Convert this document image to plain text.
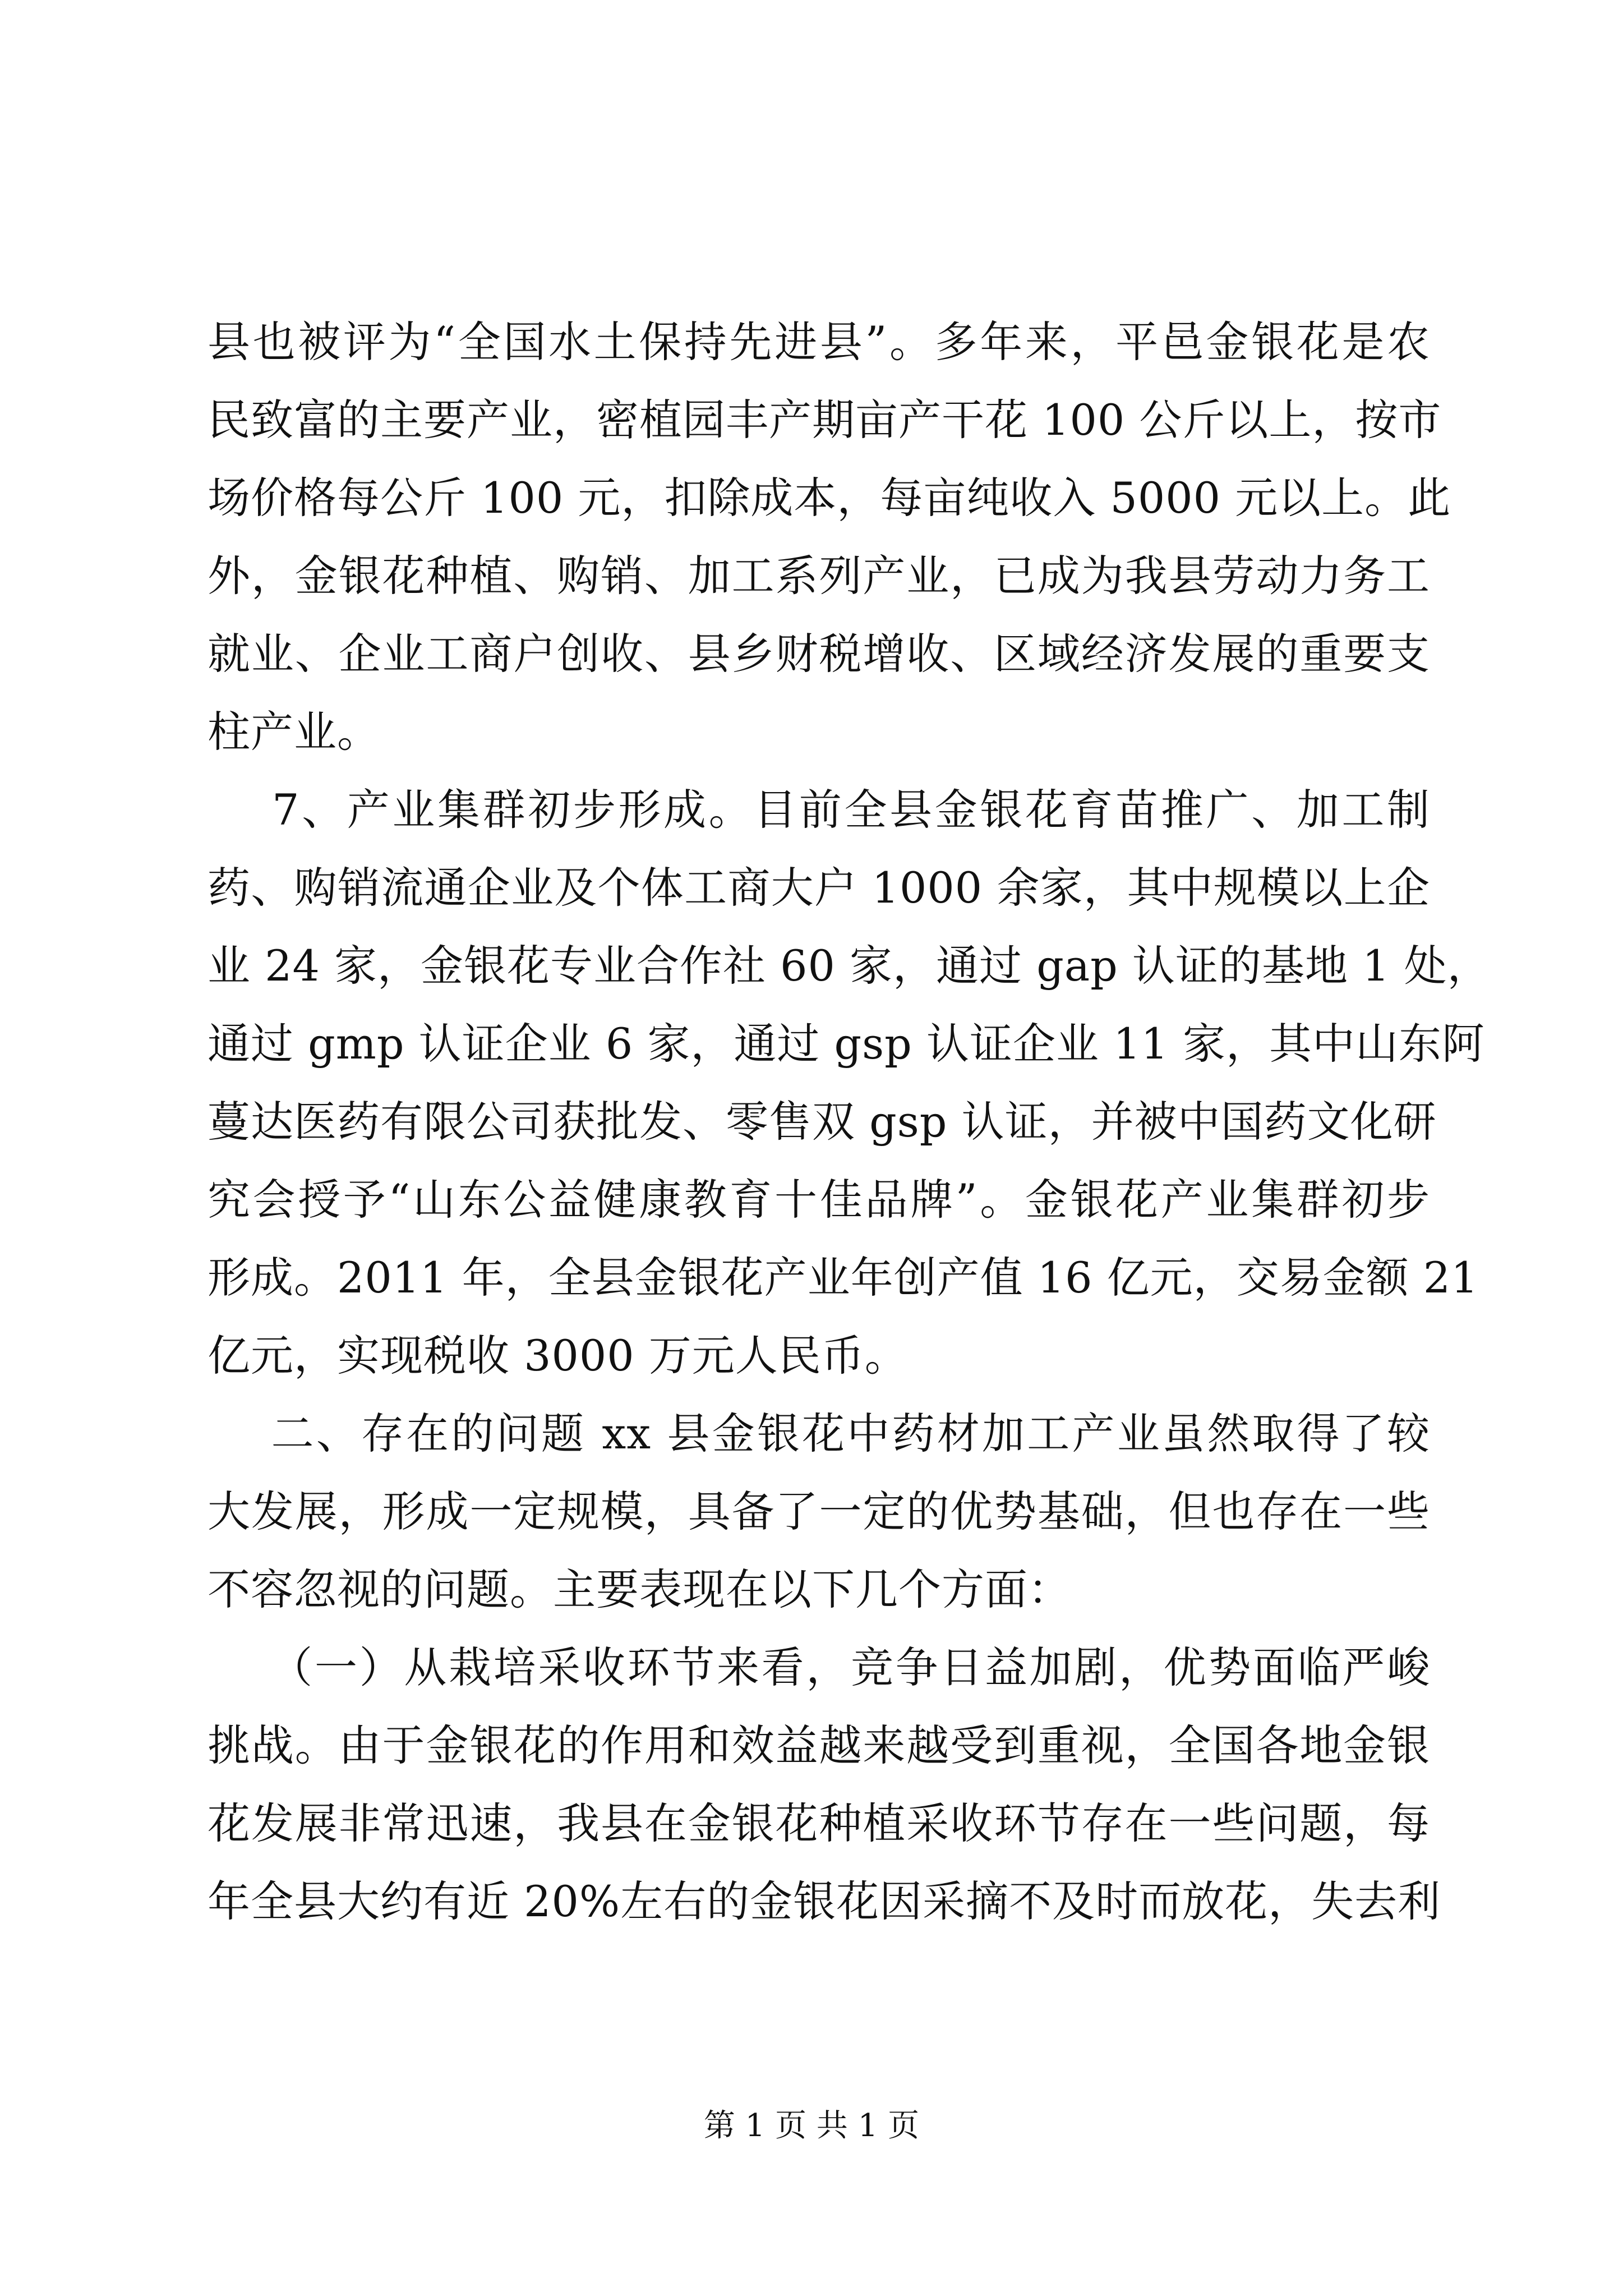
县也被评为“全国水土保持先进县”。多年来，平邑金银花是农
民致富的主要产业，密植园丰产期亩产干花 100 公斤以上，按市
场价格每公斤 100 元，扣除成本，每亩纯收入 5000 元以上。此
外，金银花种植、购销、加工系列产业，已成为我县劳动力务工
就业、企业工商户创收、县乡财税增收、区域经济发展的重要支
柱产业。
7、产业集群初步形成。目前全县金银花育苗推广、加工制
药、购销流通企业及个体工商大户 1000 余家，其中规模以上企
业 24 家，金银花专业合作社 60 家，通过 gap 认证的基地 1 处，
通过 gmp 认证企业 6 家，通过 gsp 认证企业 11 家，其中山东阿
蔓达医药有限公司获批发、零售双 gsp 认证，并被中国药文化研
究会授予“山东公益健康教育十佳品牌”。金银花产业集群初步
形成。2011 年，全县金银花产业年创产值 16 亿元，交易金额 21
亿元，实现税收 3000 万元人民币。
二、存在的问题 xx 县金银花中药材加工产业虽然取得了较
大发展，形成一定规模，具备了一定的优势基础，但也存在一些
不容忽视的问题。主要表现在以下几个方面：
（一）从栽培采收环节来看，竞争日益加剧，优势面临严峻
挑战。由于金银花的作用和效益越来越受到重视，全国各地金银
花发展非常迅速，我县在金银花种植采收环节存在一些问题，每
年全县大约有近 20%左右的金银花因采摘不及时而放花，失去利
第 1 页 共 1 页
